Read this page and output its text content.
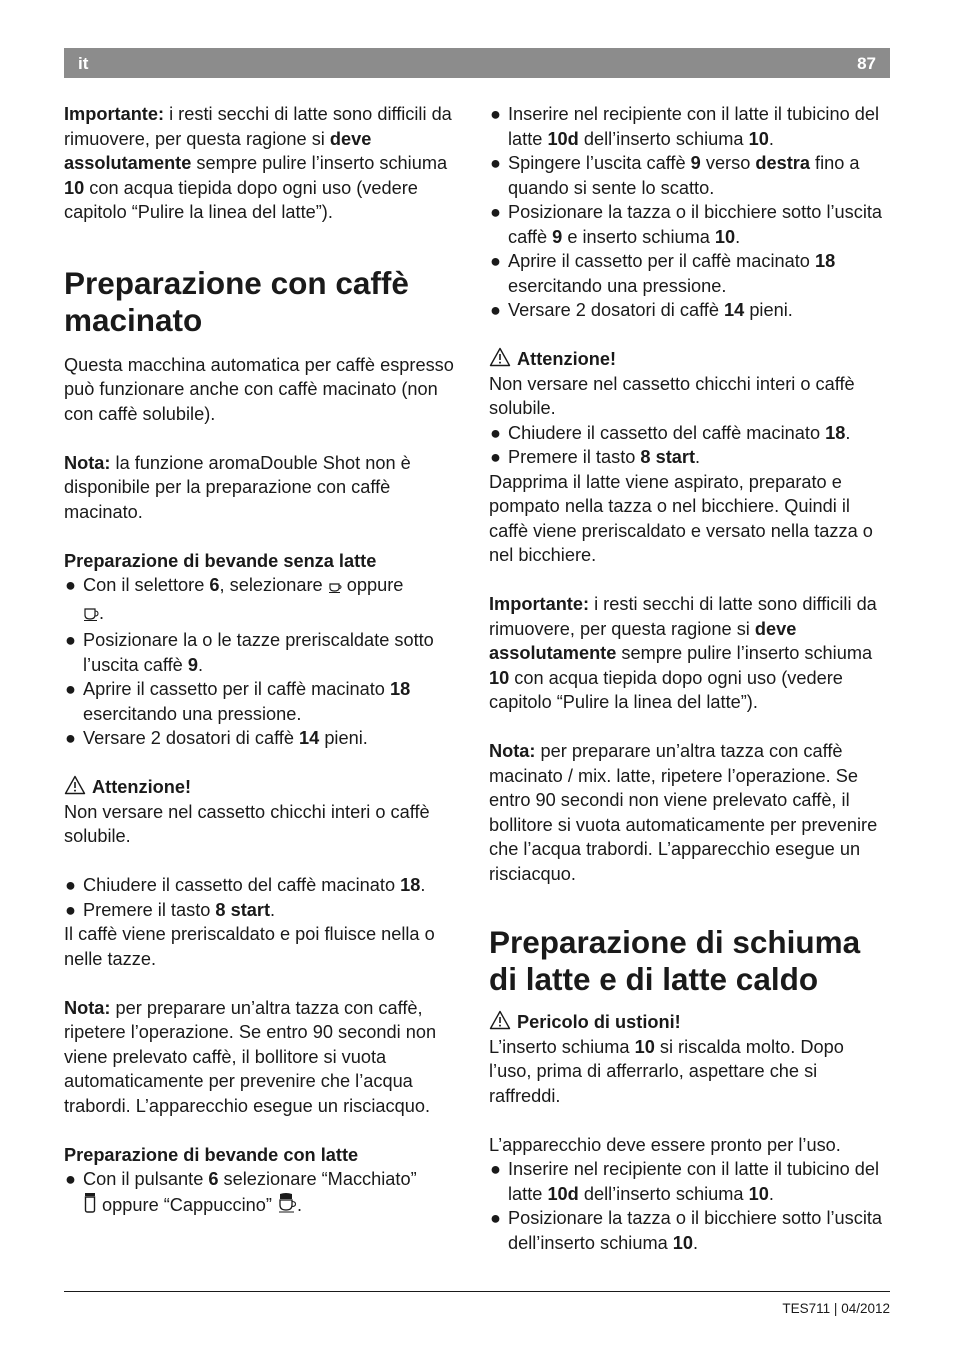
it	87

Importante: i resti secchi di latte sono difficili da rimuovere, per questa ragione si deve assolutamente sempre pulire l’inserto schiuma 10 con acqua tiepida dopo ogni uso (vedere capitolo “Pulire la linea del latte”).

Preparazione con caffè macinato

Questa macchina automatica per caffè espresso può funzionare anche con caffè macinato (non con caffè solubile).

Nota: la funzione aromaDouble Shot non è disponibile per la preparazione con caffè macinato.

Preparazione di bevande senza latte

● Con il selettore 6, selezionare  oppure
.
● Posizionare la o le tazze preriscaldate sotto l’uscita caffè 9.
● Aprire il cassetto per il caffè macinato 18 esercitando una pressione.
● Versare 2 dosatori di caffè 14 pieni.

Attenzione!

Non versare nel cassetto chicchi interi o caffè solubile.

● Chiudere il cassetto del caffè macinato 18.
● Premere il tasto 8 start.

Il caffè viene preriscaldato e poi fluisce nella o nelle tazze.

Nota: per preparare un’altra tazza con caffè, ripetere l’operazione. Se entro 90 secondi non viene prelevato caffè, il bollitore si vuota automaticamente per prevenire che l’acqua trabordi. L’apparecchio esegue un risciacquo.

Preparazione di bevande con latte

● Con il pulsante 6 selezionare “Macchiato”
oppure “Cappuccino” .
● Inserire nel recipiente con il latte il tubicino del latte 10d dell’inserto schiuma 10.
● Spingere l’uscita caffè 9 verso destra fino a quando si sente lo scatto.
● Posizionare la tazza o il bicchiere sotto l’uscita caffè 9 e inserto schiuma 10.
● Aprire il cassetto per il caffè macinato 18 esercitando una pressione.
● Versare 2 dosatori di caffè 14 pieni.

Attenzione!

Non versare nel cassetto chicchi interi o caffè solubile.

● Chiudere il cassetto del caffè macinato 18.
● Premere il tasto 8 start.

Dapprima il latte viene aspirato, preparato e pompato nella tazza o nel bicchiere. Quindi il caffè viene preriscaldato e versato nella tazza o nel bicchiere.

Importante: i resti secchi di latte sono difficili da rimuovere, per questa ragione si deve assolutamente sempre pulire l’inserto schiuma 10 con acqua tiepida dopo ogni uso (vedere capitolo “Pulire la linea del latte”).

Nota: per preparare un’altra tazza con caffè macinato / mix. latte, ripetere l’operazione. Se entro 90 secondi non viene prelevato caffè, il bollitore si vuota automaticamente per prevenire che l’acqua trabordi. L’apparecchio esegue un risciacquo.

Preparazione di schiuma di latte e di latte caldo

Pericolo di ustioni!

L’inserto schiuma 10 si riscalda molto. Dopo l’uso, prima di afferrarlo, aspettare che si raffreddi.

L’apparecchio deve essere pronto per l’uso.

● Inserire nel recipiente con il latte il tubicino del latte 10d dell’inserto schiuma 10.
● Posizionare la tazza o il bicchiere sotto l’uscita dell’inserto schiuma 10.
TES711 | 04/2012
